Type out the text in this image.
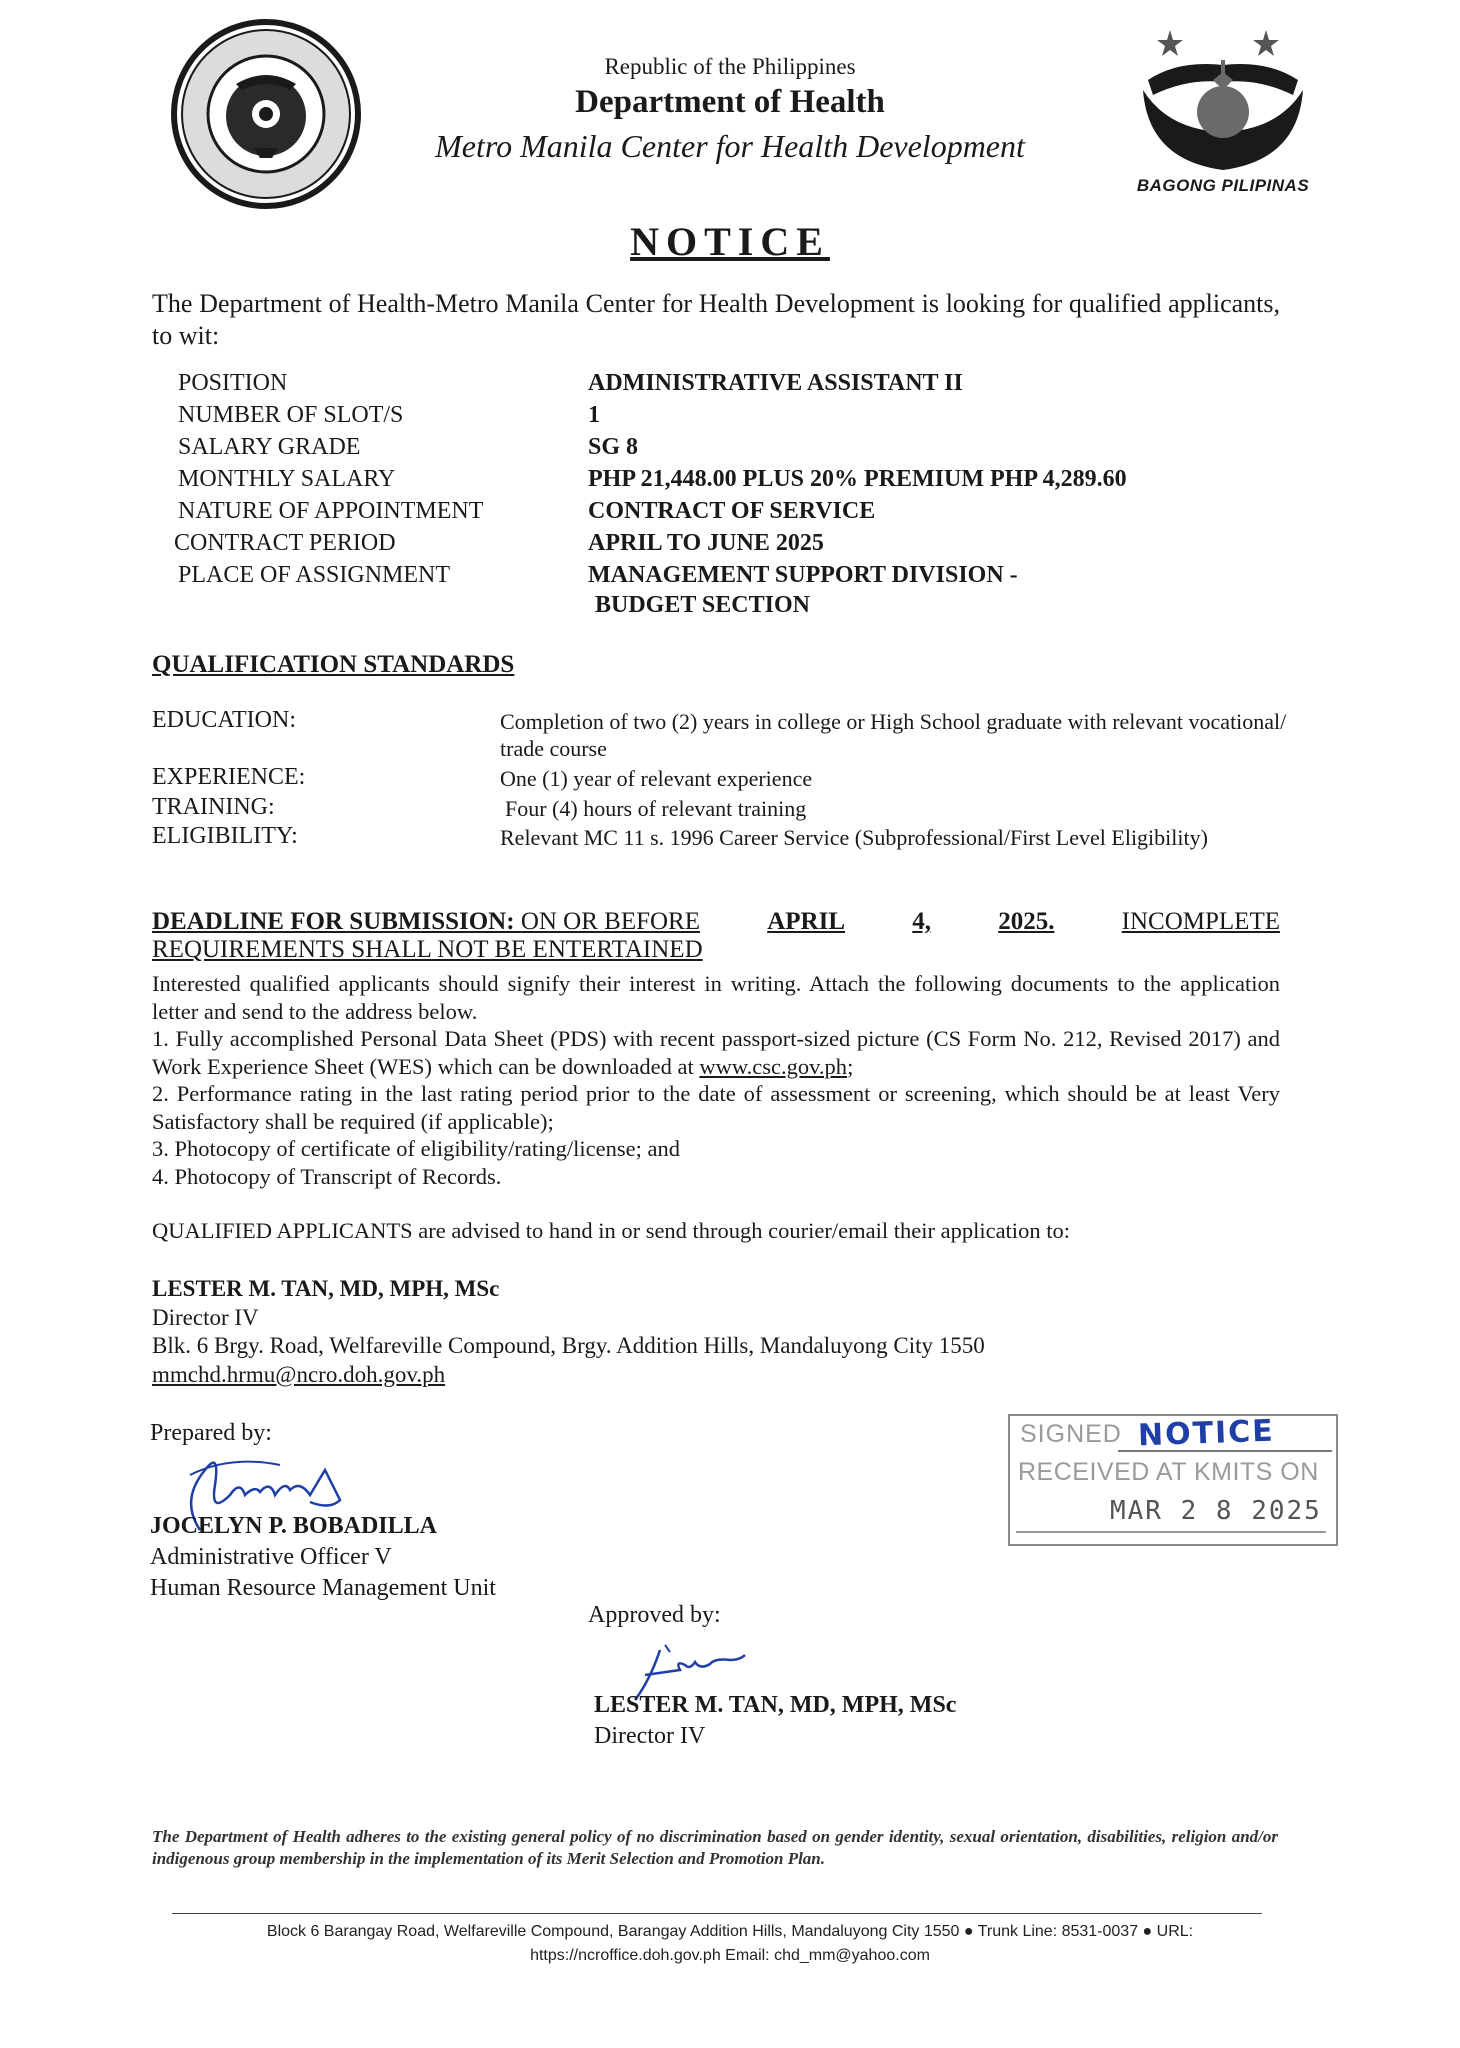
Republic of the Philippines
Department of Health
Metro Manila Center for Health Development
BAGONG PILIPINAS
NOTICE
The Department of Health-Metro Manila Center for Health Development is looking for qualified applicants, to wit:
POSITION	ADMINISTRATIVE ASSISTANT II
NUMBER OF SLOT/S	1
SALARY GRADE	SG 8
MONTHLY SALARY	PHP 21,448.00 PLUS 20% PREMIUM PHP 4,289.60
NATURE OF APPOINTMENT	CONTRACT OF SERVICE
CONTRACT PERIOD	APRIL TO JUNE 2025
PLACE OF ASSIGNMENT	MANAGEMENT SUPPORT DIVISION -
BUDGET SECTION
QUALIFICATION STANDARDS
EDUCATION:	Completion of two (2) years in college or High School graduate with relevant vocational/ trade course
EXPERIENCE:	One (1) year of relevant experience
TRAINING:	Four (4) hours of relevant training
ELIGIBILITY:	Relevant MC 11 s. 1996 Career Service (Subprofessional/First Level Eligibility)
DEADLINE FOR SUBMISSION: ON OR BEFORE	APRIL	4,	2025.	INCOMPLETE
REQUIREMENTS SHALL NOT BE ENTERTAINED

Interested qualified applicants should signify their interest in writing. Attach the following documents to the application letter and send to the address below.

1. Fully accomplished Personal Data Sheet (PDS) with recent passport-sized picture (CS Form No. 212, Revised 2017) and Work Experience Sheet (WES) which can be downloaded at www.csc.gov.ph;

2. Performance rating in the last rating period prior to the date of assessment or screening, which should be at least Very Satisfactory shall be required (if applicable);

3. Photocopy of certificate of eligibility/rating/license; and

4. Photocopy of Transcript of Records.

QUALIFIED APPLICANTS are advised to hand in or send through courier/email their application to:
LESTER M. TAN, MD, MPH, MSc
Director IV
Blk. 6 Brgy. Road, Welfareville Compound, Brgy. Addition Hills, Mandaluyong City 1550
mmchd.hrmu@ncro.doh.gov.ph
Prepared by:
JOCELYN P. BOBADILLA
Administrative Officer V
Human Resource Management Unit
SIGNED NOTICE
RECEIVED AT KMITS ON
MAR 2 8 2025
Approved by:
LESTER M. TAN, MD, MPH, MSc
Director IV
The Department of Health adheres to the existing general policy of no discrimination based on gender identity, sexual orientation, disabilities, religion and/or indigenous group membership in the implementation of its Merit Selection and Promotion Plan.
Block 6 Barangay Road, Welfareville Compound, Barangay Addition Hills, Mandaluyong City 1550 ● Trunk Line: 8531-0037 ● URL:
https://ncroffice.doh.gov.ph Email: chd_mm@yahoo.com
